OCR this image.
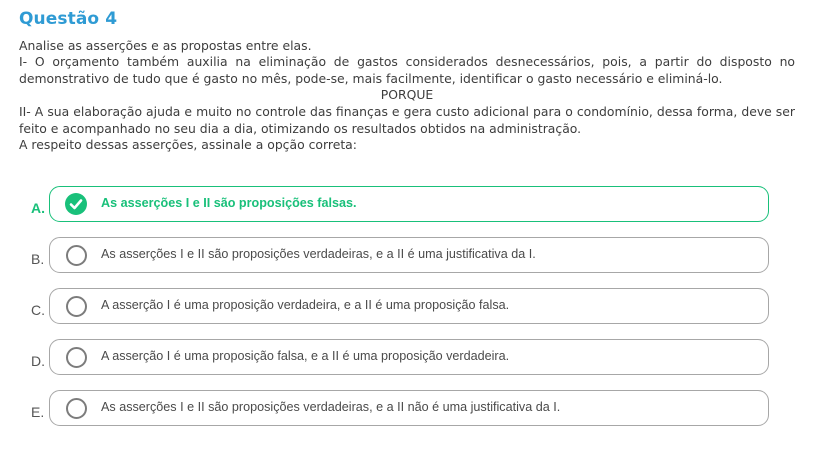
Questão 4

Analise as asserções e as propostas entre elas.

I- O orçamento também auxilia na eliminação de gastos considerados desnecessários, pois, a partir do disposto no demonstrativo de tudo que é gasto no mês, pode-se, mais facilmente, identificar o gasto necessário e eliminá-lo.

PORQUE

II- A sua elaboração ajuda e muito no controle das finanças e gera custo adicional para o condomínio, dessa forma, deve ser feito e acompanhado no seu dia a dia, otimizando os resultados obtidos na administração.

A respeito dessas asserções, assinale a opção correta:

A.	As asserções I e II são proposições falsas.
B.	As asserções I e II são proposições verdadeiras, e a II é uma justificativa da I.
C.	A asserção I é uma proposição verdadeira, e a II é uma proposição falsa.
D.	A asserção I é uma proposição falsa, e a II é uma proposição verdadeira.
E.	As asserções I e II são proposições verdadeiras, e a II não é uma justificativa da I.
